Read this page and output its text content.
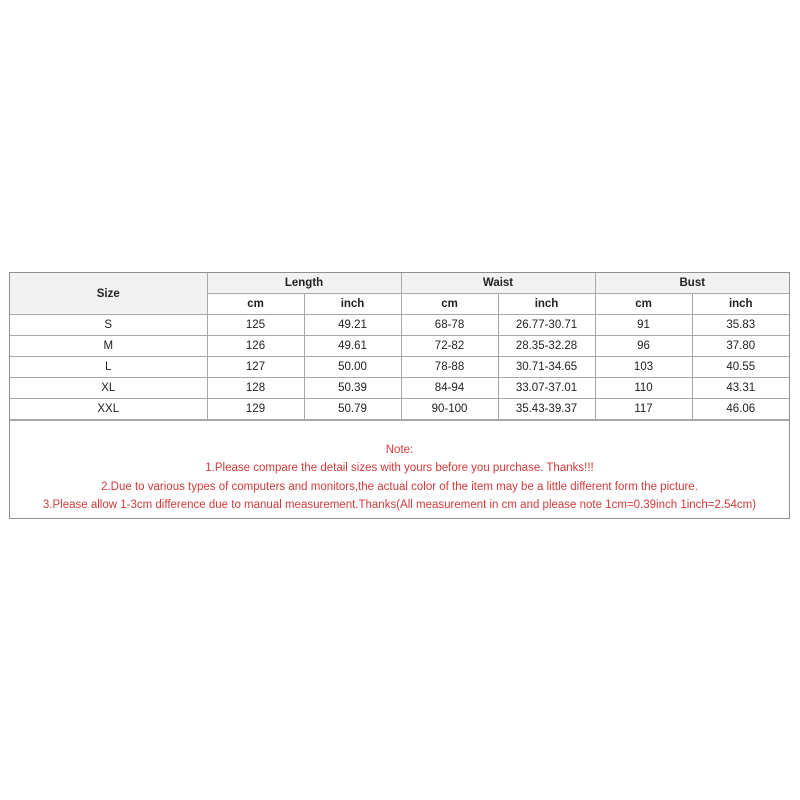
Size	Length		Waist		Bust	
	cm	inch	cm	inch	cm	inch
S	125	49.21	68-78	26.77-30.71	91	35.83
M	126	49.61	72-82	28.35-32.28	96	37.80
L	127	50.00	78-88	30.71-34.65	103	40.55
XL	128	50.39	84-94	33.07-37.01	110	43.31
XXL	129	50.79	90-100	35.43-39.37	117	46.06
Note:
1.Please compare the detail sizes with yours before you purchase. Thanks!!!
2.Due to various types of computers and monitors,the actual color of the item may be a little different form the picture.
3.Please allow 1-3cm difference due to manual measurement.Thanks(All measurement in cm and please note 1cm=0.39inch 1inch=2.54cm)
